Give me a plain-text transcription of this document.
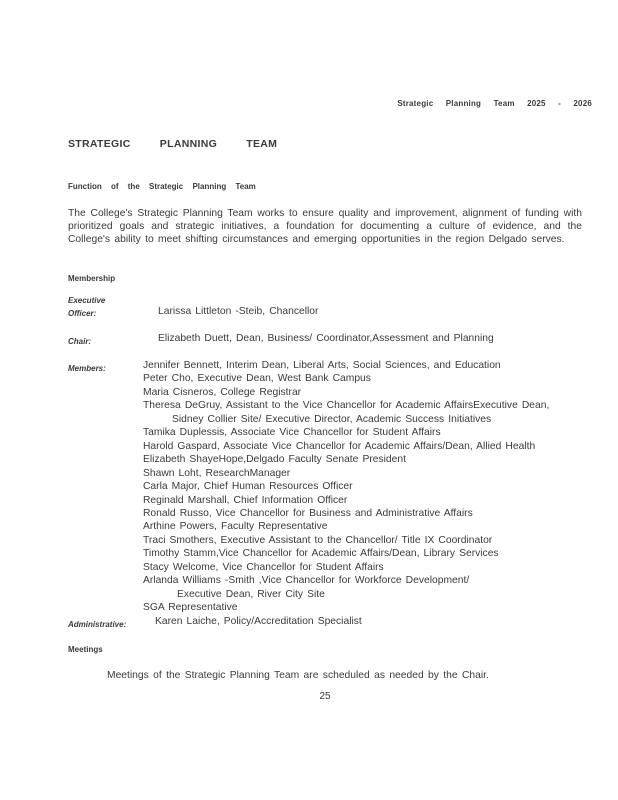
Strategic Planning Team 2025 - 2026
STRATEGIC PLANNING TEAM
Function of the Strategic Planning Team
The College's Strategic Planning Team works to ensure quality and improvement, alignment of funding with prioritized goals and strategic initiatives, a foundation for documenting a culture of evidence, and the College's ability to meet shifting circumstances and emerging opportunities in the region Delgado serves.
Membership
Executive
Officer:	Larissa Littleton -Steib, Chancellor
Chair:	Elizabeth Duett, Dean, Business/ Coordinator,Assessment and Planning
Members:	Jennifer Bennett, Interim Dean, Liberal Arts, Social Sciences, and Education
Peter Cho, Executive Dean, West Bank Campus
Maria Cisneros, College Registrar
Theresa DeGruy, Assistant to the Vice Chancellor for Academic AffairsExecutive Dean,
Sidney Collier Site/ Executive Director, Academic Success Initiatives
Tamika Duplessis, Associate Vice Chancellor for Student Affairs
Harold Gaspard, Associate Vice Chancellor for Academic Affairs/Dean, Allied Health
Elizabeth ShayeHope,Delgado Faculty Senate President
Shawn Loht, ResearchManager
Carla Major, Chief Human Resources Officer
Reginald Marshall, Chief Information Officer
Ronald Russo, Vice Chancellor for Business and Administrative Affairs
Arthine Powers, Faculty Representative
Traci Smothers, Executive Assistant to the Chancellor/ Title IX Coordinator
Timothy Stamm,Vice Chancellor for Academic Affairs/Dean, Library Services
Stacy Welcome, Vice Chancellor for Student Affairs
Arlanda Williams -Smith ,Vice Chancellor for Workforce Development/
Executive Dean, River City Site
SGA Representative
Administrative:	Karen Laiche, Policy/Accreditation Specialist
Meetings
Meetings of the Strategic Planning Team are scheduled as needed by the Chair.
25
